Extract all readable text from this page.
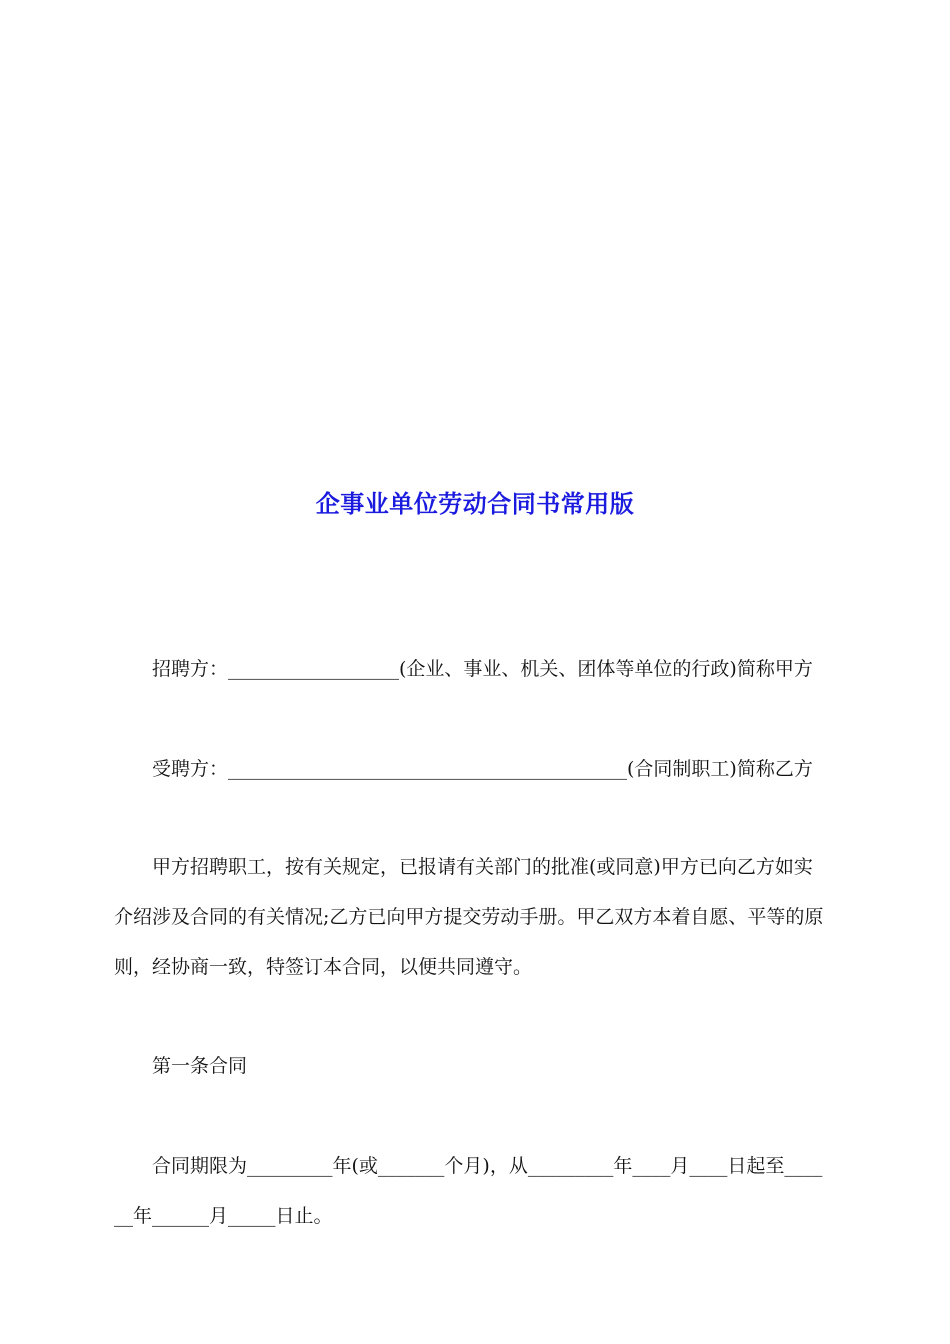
企事业单位劳动合同书常用版
招聘方：__________________(企业、事业、机关、团体等单位的行政)简称甲方
受聘方：__________________________________________(合同制职工)简称乙方
甲方招聘职工，按有关规定，已报请有关部门的批准(或同意)甲方已向乙方如实
介绍涉及合同的有关情况;乙方已向甲方提交劳动手册。甲乙双方本着自愿、平等的原
则，经协商一致，特签订本合同，以便共同遵守。
第一条合同
合同期限为_________年(或_______个月)，从_________年____月____日起至____
__年______月_____日止。
